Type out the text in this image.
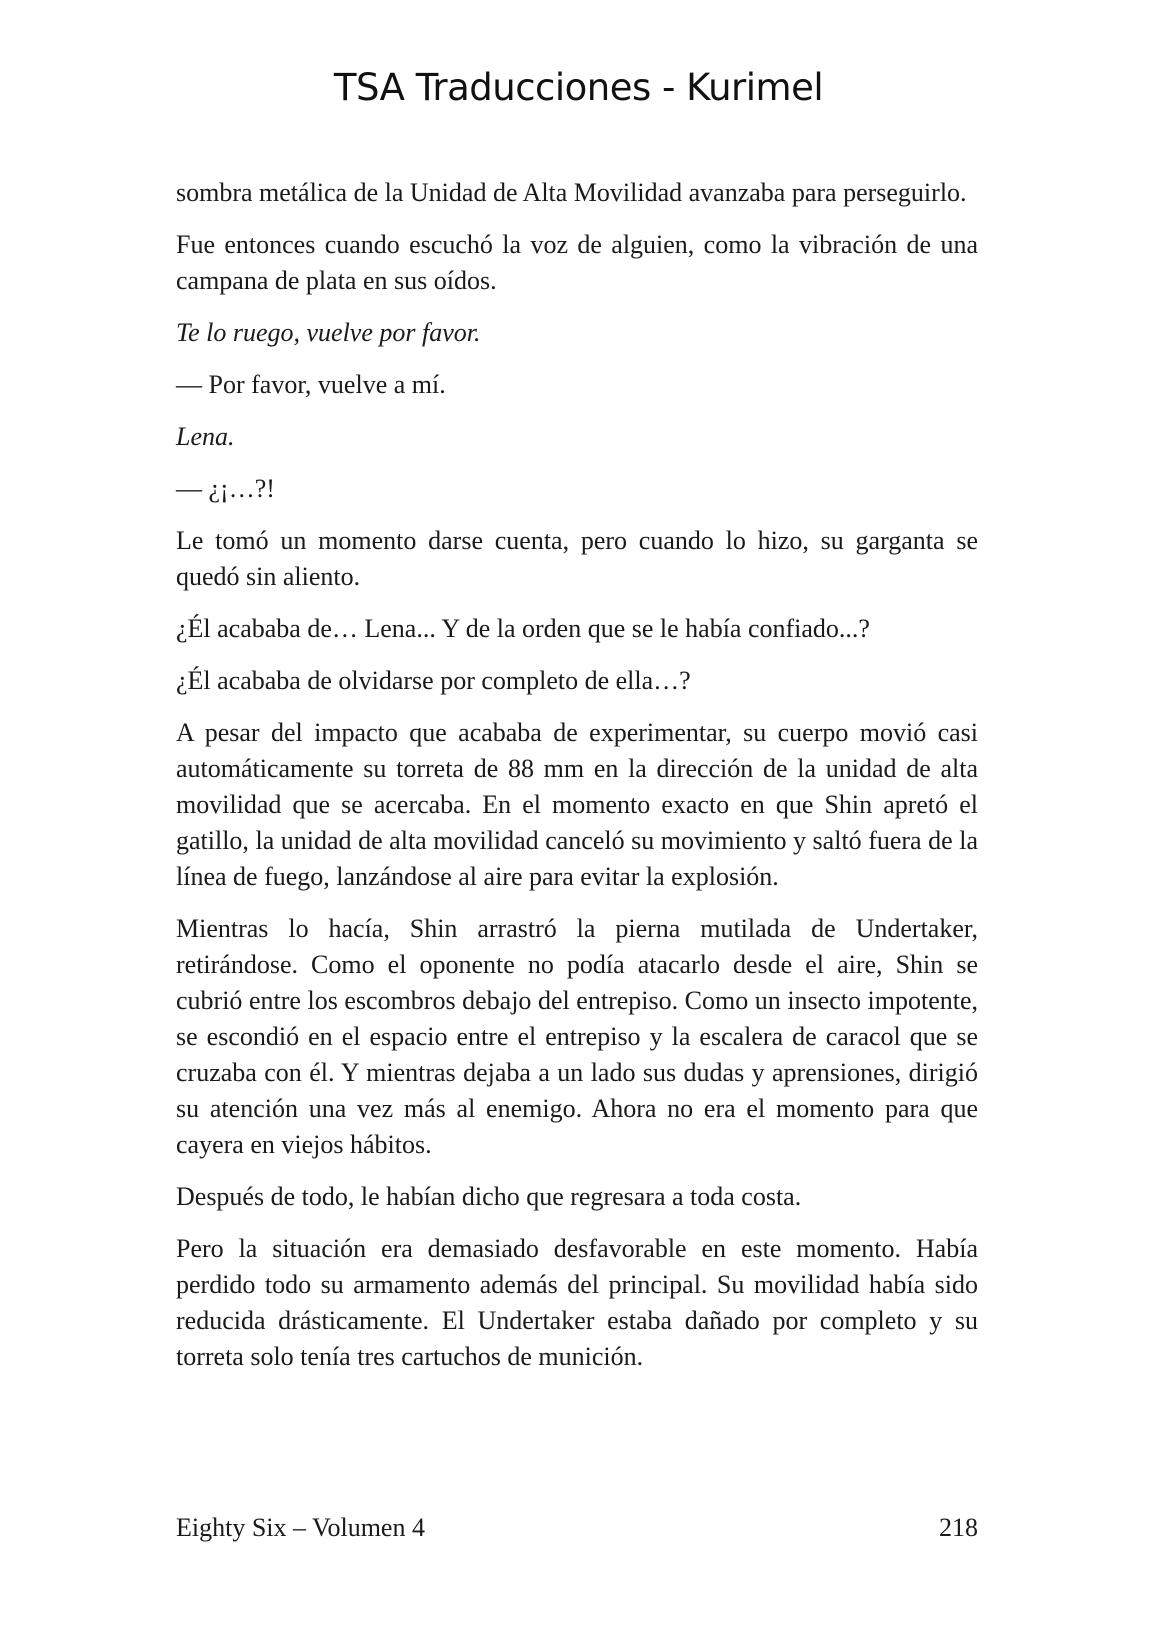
TSA Traducciones - Kurimel

sombra metálica de la Unidad de Alta Movilidad avanzaba para perseguirlo.

Fue entonces cuando escuchó la voz de alguien, como la vibración de una campana de plata en sus oídos.

Te lo ruego, vuelve por favor.

— Por favor, vuelve a mí.

Lena.

— ¿¡…?!

Le tomó un momento darse cuenta, pero cuando lo hizo, su garganta se quedó sin aliento.

¿Él acababa de… Lena... Y de la orden que se le había confiado...?

¿Él acababa de olvidarse por completo de ella…?

A pesar del impacto que acababa de experimentar, su cuerpo movió casi automáticamente su torreta de 88 mm en la dirección de la unidad de alta movilidad que se acercaba. En el momento exacto en que Shin apretó el gatillo, la unidad de alta movilidad canceló su movimiento y saltó fuera de la línea de fuego, lanzándose al aire para evitar la explosión.

Mientras lo hacía, Shin arrastró la pierna mutilada de Undertaker, retirándose. Como el oponente no podía atacarlo desde el aire, Shin se cubrió entre los escombros debajo del entrepiso. Como un insecto impotente, se escondió en el espacio entre el entrepiso y la escalera de caracol que se cruzaba con él. Y mientras dejaba a un lado sus dudas y aprensiones, dirigió su atención una vez más al enemigo. Ahora no era el momento para que cayera en viejos hábitos.

Después de todo, le habían dicho que regresara a toda costa.

Pero la situación era demasiado desfavorable en este momento. Había perdido todo su armamento además del principal. Su movilidad había sido reducida drásticamente. El Undertaker estaba dañado por completo y su torreta solo tenía tres cartuchos de munición.

Eighty Six – Volumen 4	218
